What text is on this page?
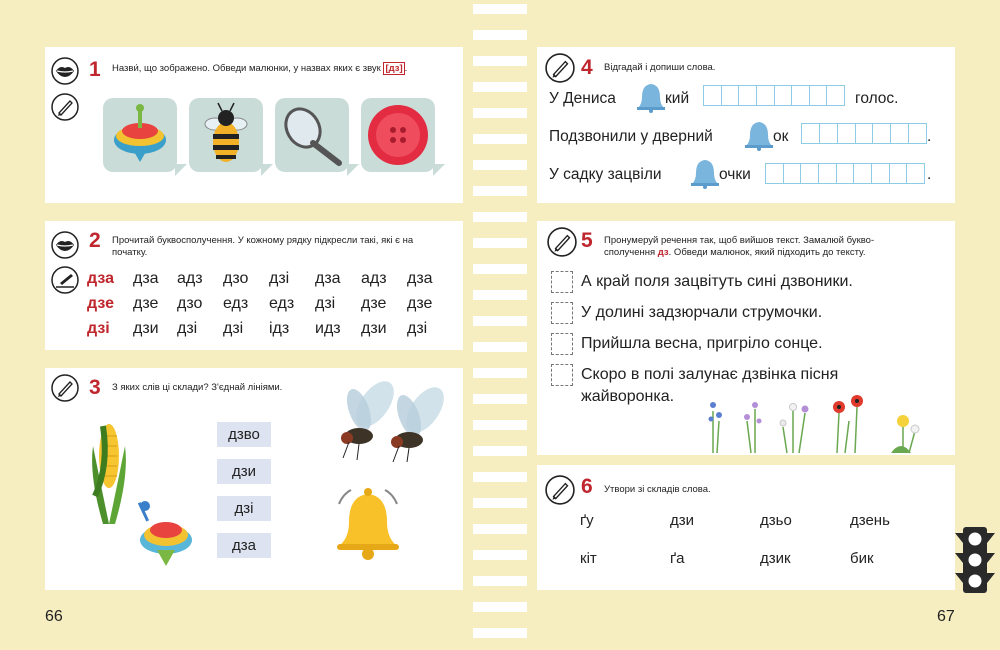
1 Назви́, що зображено. Обведи малюнки, у назвах яких є звук [дз] .
2 Прочитай буквосполучення. У кожному рядку підкресли такі, які є на початку.
дза дза адз дзо дзі дза адз дза
дзе дзе дзо едз едз дзі дзе дзе
дзі дзи дзі дзі ідз идз дзи дзі
3 З яких слів ці склади? З'єднай лініями.
дзво
дзи
дзі
дза
4 Відгадай і допиши слова.
У Дениса	кий	голос.
Подзвонили у дверний	ок	.
У садку зацвіли	очки	.
5 Пронумеруй речення так, щоб вийшов текст. Замалюй букво-
сполучення дз. Обведи малюнок, який підходить до тексту.
А край поля зацвітуть сині дзвоники.
У долині задзюрчали струмочки.
Прийшла весна, пригріло сонце.
Скоро в полі залунає дзвінка пісня жайворонка.
6 Утвори зі складів слова.
ґу	дзи	дзьо	дзень
кіт	ґа	дзик	бик
66	67
